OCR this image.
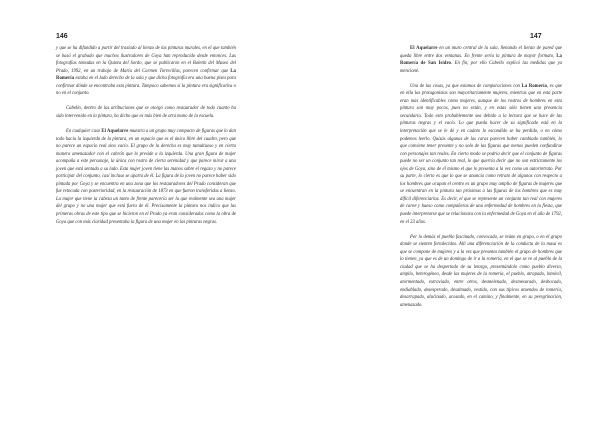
146

y que se ha difundido a partir del traslado al lienzo de las pinturas murales, en el que también se basó el grabado que muchos ilustradores de Goya han reproducido desde entonces. Las fotografías tomadas en la Quinta del Sordo, que se publicaron en el Boletín del Museo del Prado, 1992, en un trabajo de María del Carmen Torrecillas, parecen confirmar que La Romería estaba en el lado derecho de la sala y que dicha fotografía era una buena pista para confirmar dónde se encontraba esta pintura. Tampoco sabemos si la pintura era significativa o no en el conjunto.

Cabello, dentro de las atribuciones que se otorgó como restaurador de todo cuanto ha sido intervenido en la pintura, ha dicho que es más bien de otra mano de la escuela.

En cualquier caso El Aquelarre muestra a un grupo muy compacto de figuras que lo dan todo hacia la izquierda de la pintura, en un espacio que es el único libre del cuadro, pero que no parece un espacio real sino vacío. El grupo de la derecha es muy tumultuoso y en cierta manera amenazador con el cabrón que lo preside a la izquierda. Una gran figura de mujer acompaña a este personaje, la única con rostro de cierta serenidad y que parece mirar a una joven que está sentada a su lado. Esta mujer joven tiene las manos sobre el regazo y no parece participar del conjunto, casi incluso se aparta de él. La figura de la joven no parece haber sido pintada por Goya y se encuentra en una zona que los restauradores del Prado consideran que fue retocada con posterioridad, en la restauración de 1873 en que fueron transferidas a lienzo. La mujer que tiene la cabeza un tanto de frente parecería ser la que realmente sea una mujer del grupo y no una mujer que está fuera de él. Precisamente la pintura nos indica que las primeras obras de este tipo que se hicieron en el Prado ya eran consideradas como la obra de Goya que con más claridad presentaba la figura de una mujer en las pinturas negras.

147

El Aquelarre en un muro central de la sala, llenando el lienzo de pared que queda libre entre dos ventanas. En frente sería la pintura de mayor formato, La Romería de San Isidro. En fin, por ello Cabello explicó las medidas que ya mencioné.

Una de las cosas, ya que estamos de comparaciones con La Romería, es que en ella las protagonistas son mayoritariamente mujeres, mientras que en esta parte eran más identificables como mujeres, aunque de los rostros de hombres en esta pintura son muy pocos, pues no están, y en estas sólo tienen una presencia secundaria. Todo esto probablemente sea debido a la lectura que se hace de las pinturas negras y el vacío. Lo que pueda hacer de su significado está en la interpretación que se le dé y en cuánto lo escondido se ha perdido, o en cómo podemos leerlo. Quizás algunas de las caras parecen haber cambiado también, lo que conviene tener presente y no solo de las figuras que menos pueden confundirse con personajes tan reales. En cierto modo se podría decir que el conjunto de figuras puede no ser un conjunto tan real, lo que querría decir que no son estrictamente los ojos de Goya, sino de él mismo el que lo presenta a la vez como un autorretrato. Por su parte, lo cierto es que lo que se anuncia como retrato de algunos con respecto a los hombres que ocupan el centro es un grupo muy amplio de figuras de mujeres que se encuentran en la pintura tan próximas a las figuras de los hombres que es muy difícil diferenciarlas. Es decir, el que se represente un conjunto tan real con mujeres de carne y hueso como compañeras de una enfermedad de hombres en la fiesta, que puede interpretarse que se relacionara con la enfermedad de Goya en el año de 1792, en el 23 años.

Por lo demás el pueblo fascinado, convocado, se reúne en grupo, o en el grupo donde se sienten fortalecidos. Allí una diferenciación de la conducta de la masa es que se compone de mujeres y a la vez que presenta también el grupo de hombres que lo tienen, ya que es de un domingo de ir a la romería, en el que se ve al pueblo de la ciudad que se ha despertado de su letargo, presentándolo como pueblo diverso, amplio, heterogéneo, desde las mujeres de la romería, el pueblo, atrapado, inmóvil, atormentado, extraviado, entre otros, desmelenado, desmesurado, desbocado, endiablado, desesperado, desalmado, vestido, con sus típicos atuendos de romería, desarrapado, alucinado, acosado, en el camino, y finalmente, en su peregrinación, amenazado.
